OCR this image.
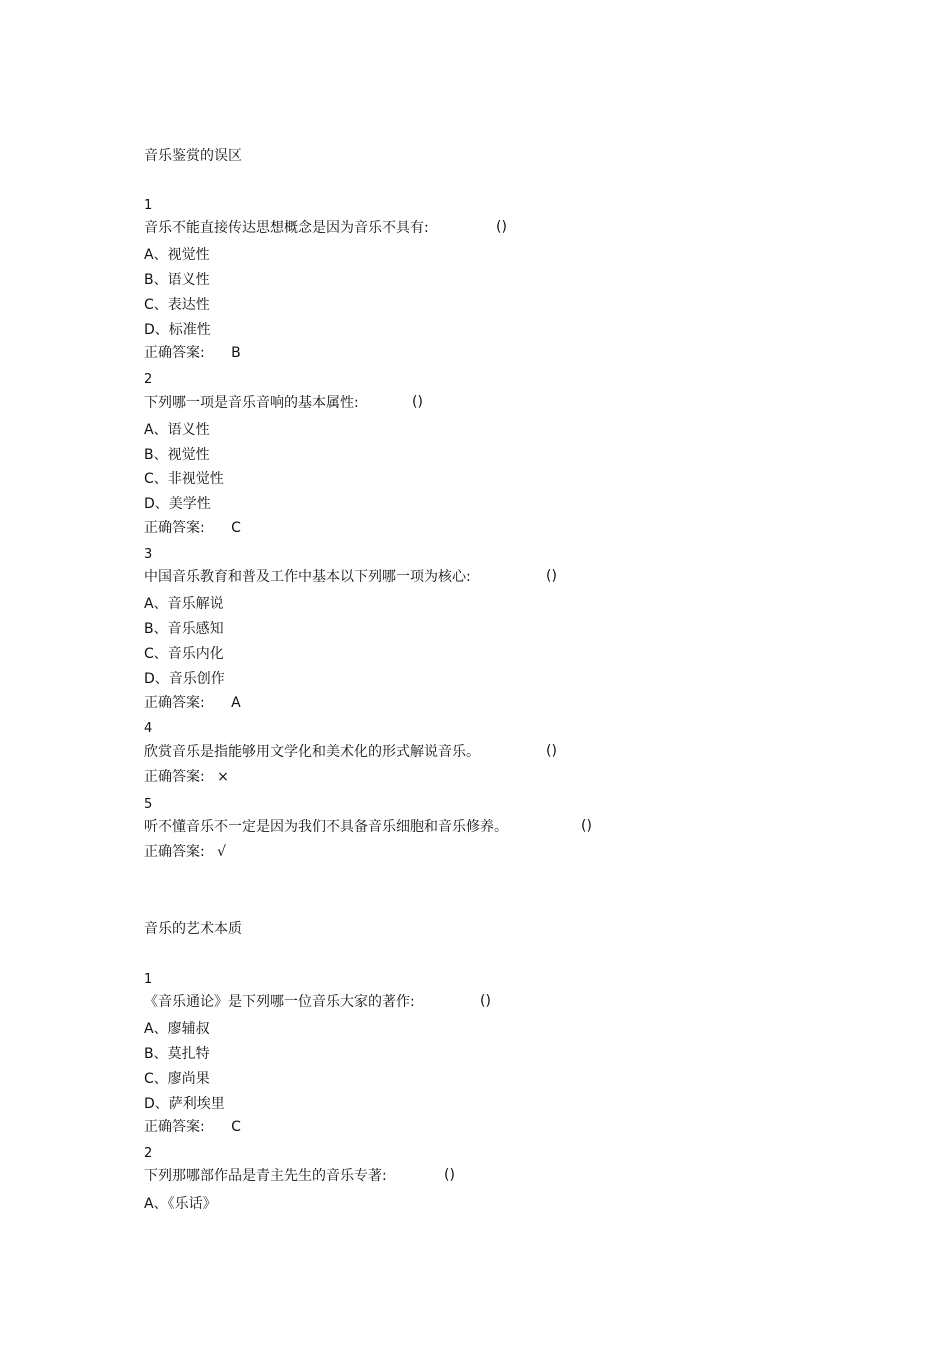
音乐鉴赏的误区
1
音乐不能直接传达思想概念是因为音乐不具有:	()
A、视觉性
B、语义性
C、表达性
D、标准性
正确答案: B
2
下列哪一项是音乐音响的基本属性:	()
A、语义性
B、视觉性
C、非视觉性
D、美学性
正确答案: C
3
中国音乐教育和普及工作中基本以下列哪一项为核心:	()
A、音乐解说
B、音乐感知
C、音乐内化
D、音乐创作
正确答案: A
4
欣赏音乐是指能够用文学化和美术化的形式解说音乐。	()
正确答案: ×
5
听不懂音乐不一定是因为我们不具备音乐细胞和音乐修养。	()
正确答案: √
音乐的艺术本质
1
《音乐通论》是下列哪一位音乐大家的著作:	()
A、廖辅叔
B、莫扎特
C、廖尚果
D、萨利埃里
正确答案: C
2
下列那哪部作品是青主先生的音乐专著:	()
A、《乐话》
